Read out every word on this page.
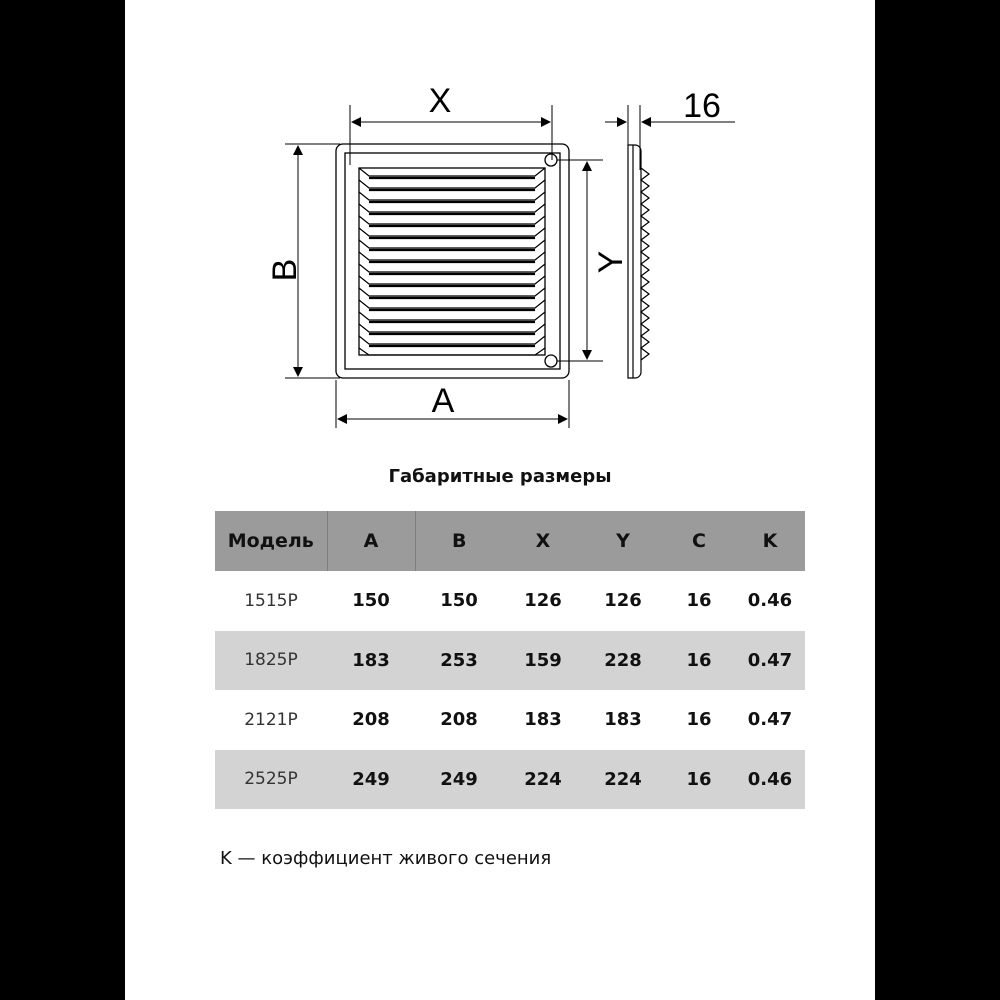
X
A
B	Y
16
Габаритные размеры
Модель	A	B	X	Y	C	K
1515P	150	150	126	126	16	0.46
1825P	183	253	159	228	16	0.47
2121P	208	208	183	183	16	0.47
2525P	249	249	224	224	16	0.46
K — коэффициент живого сечения
